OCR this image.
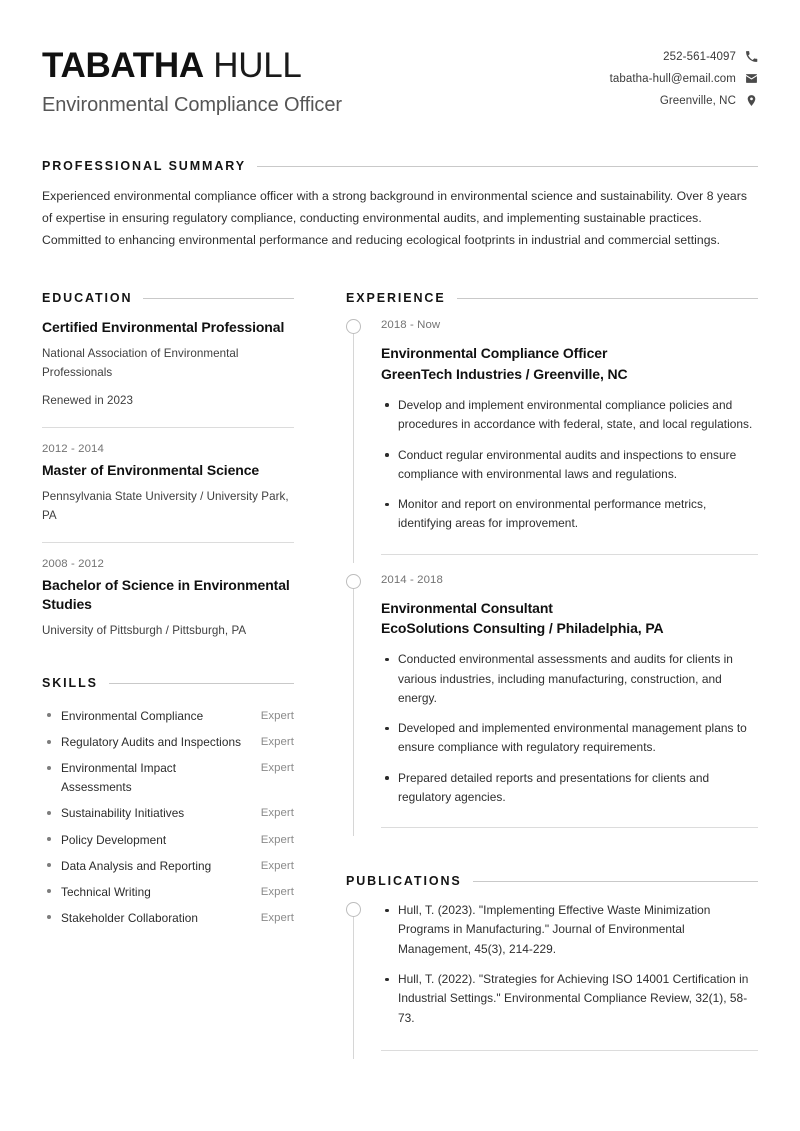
TABATHA HULL
Environmental Compliance Officer
252-561-4097
tabatha-hull@email.com
Greenville, NC
PROFESSIONAL SUMMARY

Experienced environmental compliance officer with a strong background in environmental science and sustainability. Over 8 years of expertise in ensuring regulatory compliance, conducting environmental audits, and implementing sustainable practices. Committed to enhancing environmental performance and reducing ecological footprints in industrial and commercial settings.

EDUCATION
Certified Environmental Professional
National Association of Environmental Professionals
Renewed in 2023
2012 - 2014
Master of Environmental Science
Pennsylvania State University / University Park, PA
2008 - 2012
Bachelor of Science in Environmental Studies
University of Pittsburgh / Pittsburgh, PA
SKILLS
Environmental Compliance	Expert
Regulatory Audits and Inspections	Expert
Environmental Impact Assessments
Expert
Sustainability Initiatives	Expert
Policy Development	Expert
Data Analysis and Reporting	Expert
Technical Writing	Expert
Stakeholder Collaboration	Expert
EXPERIENCE
2018 - Now
Environmental Compliance Officer
GreenTech Industries / Greenville, NC
Develop and implement environmental compliance policies and procedures in accordance with federal, state, and local regulations.
Conduct regular environmental audits and inspections to ensure compliance with environmental laws and regulations.
Monitor and report on environmental performance metrics, identifying areas for improvement.
2014 - 2018
Environmental Consultant
EcoSolutions Consulting / Philadelphia, PA
Conducted environmental assessments and audits for clients in various industries, including manufacturing, construction, and energy.
Developed and implemented environmental management plans to ensure compliance with regulatory requirements.
Prepared detailed reports and presentations for clients and regulatory agencies.
PUBLICATIONS
Hull, T. (2023). "Implementing Effective Waste Minimization Programs in Manufacturing." Journal of Environmental Management, 45(3), 214-229.
Hull, T. (2022). "Strategies for Achieving ISO 14001 Certification in Industrial Settings." Environmental Compliance Review, 32(1), 58-73.
